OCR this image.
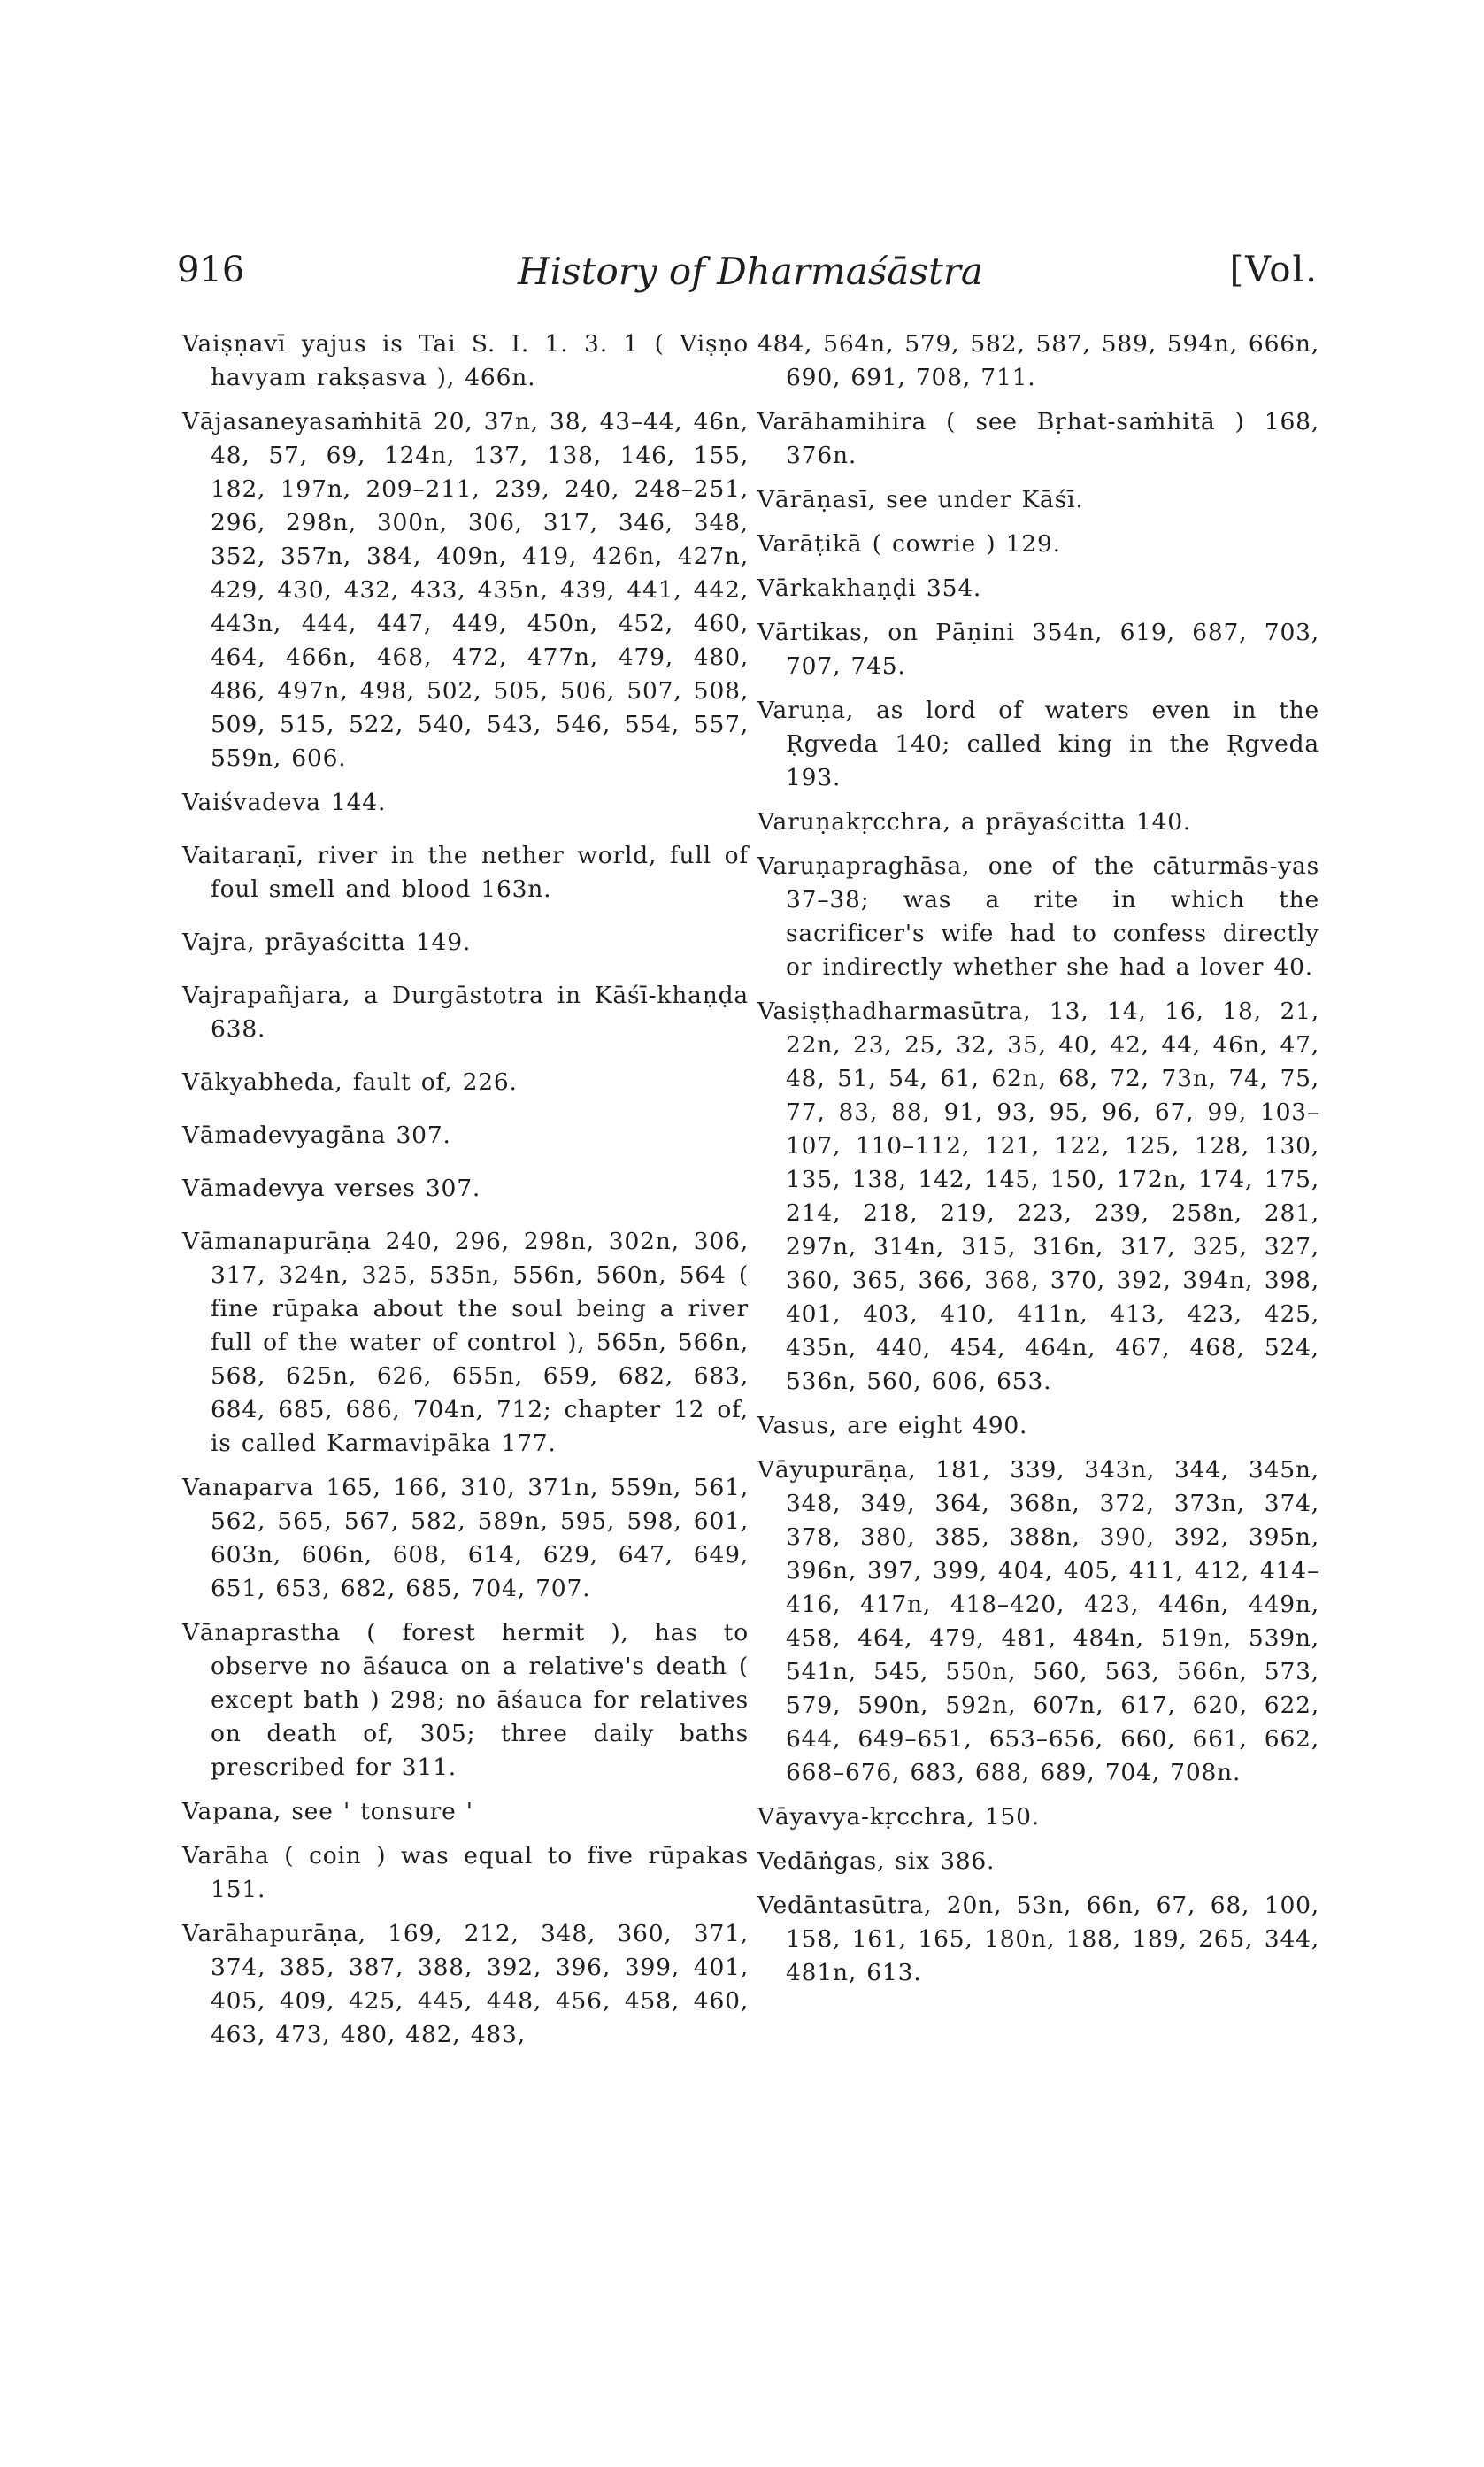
916	History of Dharmaśāstra	[Vol.

Vaiṣṇavī yajus is Tai S. I. 1. 3. 1 ( Viṣṇo havyam rakṣasva ), 466n.

Vājasaneyasaṁhitā 20, 37n, 38, 43–44, 46n, 48, 57, 69, 124n, 137, 138, 146, 155, 182, 197n, 209–211, 239, 240, 248–251, 296, 298n, 300n, 306, 317, 346, 348, 352, 357n, 384, 409n, 419, 426n, 427n, 429, 430, 432, 433, 435n, 439, 441, 442, 443n, 444, 447, 449, 450n, 452, 460, 464, 466n, 468, 472, 477n, 479, 480, 486, 497n, 498, 502, 505, 506, 507, 508, 509, 515, 522, 540, 543, 546, 554, 557, 559n, 606.

Vaiśvadeva 144.

Vaitaraṇī, river in the nether world, full of foul smell and blood 163n.

Vajra, prāyaścitta 149.

Vajrapañjara, a Durgāstotra in Kāśī-khaṇḍa 638.

Vākyabheda, fault of, 226.

Vāmadevyagāna 307.

Vāmadevya verses 307.

Vāmanapurāṇa 240, 296, 298n, 302n, 306, 317, 324n, 325, 535n, 556n, 560n, 564 ( fine rūpaka about the soul being a river full of the water of control ), 565n, 566n, 568, 625n, 626, 655n, 659, 682, 683, 684, 685, 686, 704n, 712; chapter 12 of, is called Karmavipāka 177.

Vanaparva 165, 166, 310, 371n, 559n, 561, 562, 565, 567, 582, 589n, 595, 598, 601, 603n, 606n, 608, 614, 629, 647, 649, 651, 653, 682, 685, 704, 707.

Vānaprastha ( forest hermit ), has to observe no āśauca on a relative's death ( except bath ) 298; no āśauca for relatives on death of, 305; three daily baths prescribed for 311.

Vapana, see ' tonsure '

Varāha ( coin ) was equal to five rūpakas 151.

Varāhapurāṇa, 169, 212, 348, 360, 371, 374, 385, 387, 388, 392, 396, 399, 401, 405, 409, 425, 445, 448, 456, 458, 460, 463, 473, 480, 482, 483,

484, 564n, 579, 582, 587, 589, 594n, 666n, 690, 691, 708, 711.

Varāhamihira ( see Bṛhat-saṁhitā ) 168, 376n.

Vārāṇasī, see under Kāśī.

Varāṭikā ( cowrie ) 129.

Vārkakhaṇḍi 354.

Vārtikas, on Pāṇini 354n, 619, 687, 703, 707, 745.

Varuṇa, as lord of waters even in the Ṛgveda 140; called king in the Ṛgveda 193.

Varuṇakṛcchra, a prāyaścitta 140.

Varuṇapraghāsa, one of the cāturmās-yas 37–38; was a rite in which the sacrificer's wife had to confess directly or indirectly whether she had a lover 40.

Vasiṣṭhadharmasūtra, 13, 14, 16, 18, 21, 22n, 23, 25, 32, 35, 40, 42, 44, 46n, 47, 48, 51, 54, 61, 62n, 68, 72, 73n, 74, 75, 77, 83, 88, 91, 93, 95, 96, 67, 99, 103–107, 110–112, 121, 122, 125, 128, 130, 135, 138, 142, 145, 150, 172n, 174, 175, 214, 218, 219, 223, 239, 258n, 281, 297n, 314n, 315, 316n, 317, 325, 327, 360, 365, 366, 368, 370, 392, 394n, 398, 401, 403, 410, 411n, 413, 423, 425, 435n, 440, 454, 464n, 467, 468, 524, 536n, 560, 606, 653.

Vasus, are eight 490.

Vāyupurāṇa, 181, 339, 343n, 344, 345n, 348, 349, 364, 368n, 372, 373n, 374, 378, 380, 385, 388n, 390, 392, 395n, 396n, 397, 399, 404, 405, 411, 412, 414–416, 417n, 418–420, 423, 446n, 449n, 458, 464, 479, 481, 484n, 519n, 539n, 541n, 545, 550n, 560, 563, 566n, 573, 579, 590n, 592n, 607n, 617, 620, 622, 644, 649–651, 653–656, 660, 661, 662, 668–676, 683, 688, 689, 704, 708n.

Vāyavya-kṛcchra, 150.

Vedāṅgas, six 386.

Vedāntasūtra, 20n, 53n, 66n, 67, 68, 100, 158, 161, 165, 180n, 188, 189, 265, 344, 481n, 613.
